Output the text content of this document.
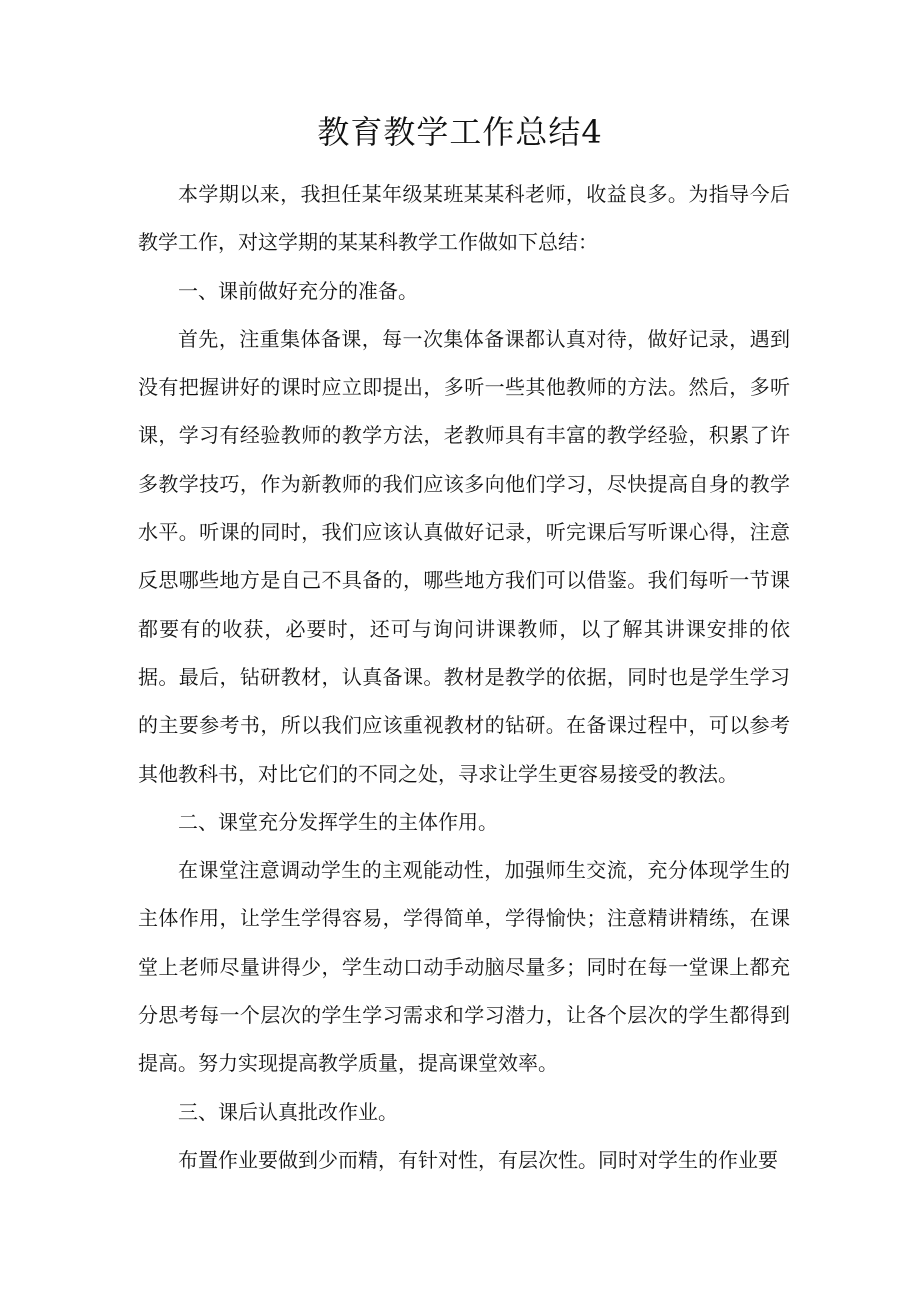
教育教学工作总结4

本学期以来，我担任某年级某班某某科老师，收益良多。为指导今后教学工作，对这学期的某某科教学工作做如下总结：

一、课前做好充分的准备。

首先，注重集体备课，每一次集体备课都认真对待，做好记录，遇到没有把握讲好的课时应立即提出，多听一些其他教师的方法。然后，多听课，学习有经验教师的教学方法，老教师具有丰富的教学经验，积累了许多教学技巧，作为新教师的我们应该多向他们学习，尽快提高自身的教学水平。听课的同时，我们应该认真做好记录，听完课后写听课心得，注意反思哪些地方是自己不具备的，哪些地方我们可以借鉴。我们每听一节课都要有的收获，必要时，还可与询问讲课教师，以了解其讲课安排的依据。最后，钻研教材，认真备课。教材是教学的依据，同时也是学生学习的主要参考书，所以我们应该重视教材的钻研。在备课过程中，可以参考其他教科书，对比它们的不同之处，寻求让学生更容易接受的教法。

二、课堂充分发挥学生的主体作用。

在课堂注意调动学生的主观能动性，加强师生交流，充分体现学生的主体作用，让学生学得容易，学得简单，学得愉快；注意精讲精练，在课堂上老师尽量讲得少，学生动口动手动脑尽量多；同时在每一堂课上都充分思考每一个层次的学生学习需求和学习潜力，让各个层次的学生都得到提高。努力实现提高教学质量，提高课堂效率。

三、课后认真批改作业。

布置作业要做到少而精，有针对性，有层次性。同时对学生的作业要
